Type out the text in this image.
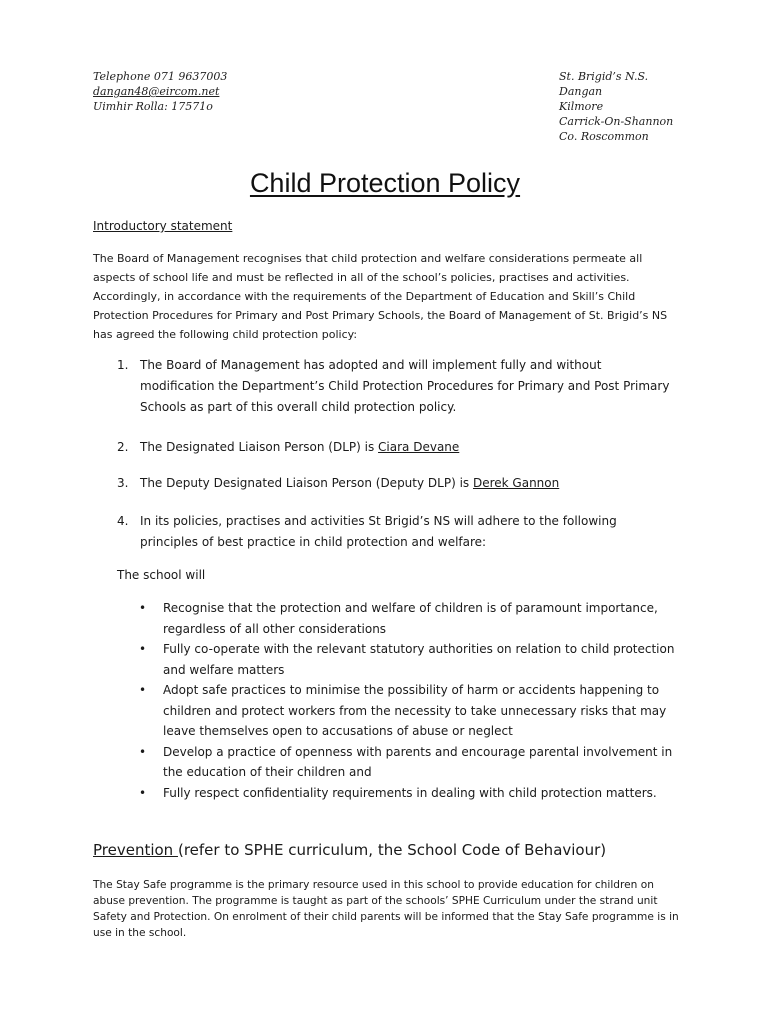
Telephone 071 9637003
dangan48@eircom.net
Uimhir Rolla: 17571o
St. Brigid’s N.S.
Dangan
Kilmore
Carrick-On-Shannon
Co. Roscommon
Child Protection Policy
Introductory statement
The Board of Management recognises that child protection and welfare considerations permeate all aspects of school life and must be reflected in all of the school’s policies, practises and activities. Accordingly, in accordance with the requirements of the Department of Education and Skill’s Child Protection Procedures for Primary and Post Primary Schools, the Board of Management of St. Brigid’s NS has agreed the following child protection policy:
1. The Board of Management has adopted and will implement fully and without modification the Department’s Child Protection Procedures for Primary and Post Primary Schools as part of this overall child protection policy.
2. The Designated Liaison Person (DLP) is Ciara Devane
3. The Deputy Designated Liaison Person (Deputy DLP) is Derek Gannon
4. In its policies, practises and activities St Brigid’s NS will adhere to the following principles of best practice in child protection and welfare:
The school will
• Recognise that the protection and welfare of children is of paramount importance, regardless of all other considerations
• Fully co-operate with the relevant statutory authorities on relation to child protection and welfare matters
• Adopt safe practices to minimise the possibility of harm or accidents happening to children and protect workers from the necessity to take unnecessary risks that may leave themselves open to accusations of abuse or neglect
• Develop a practice of openness with parents and encourage parental involvement in the education of their children and
• Fully respect confidentiality requirements in dealing with child protection matters.
Prevention (refer to SPHE curriculum, the School Code of Behaviour)
The Stay Safe programme is the primary resource used in this school to provide education for children on abuse prevention. The programme is taught as part of the schools’ SPHE Curriculum under the strand unit Safety and Protection. On enrolment of their child parents will be informed that the Stay Safe programme is in use in the school.
